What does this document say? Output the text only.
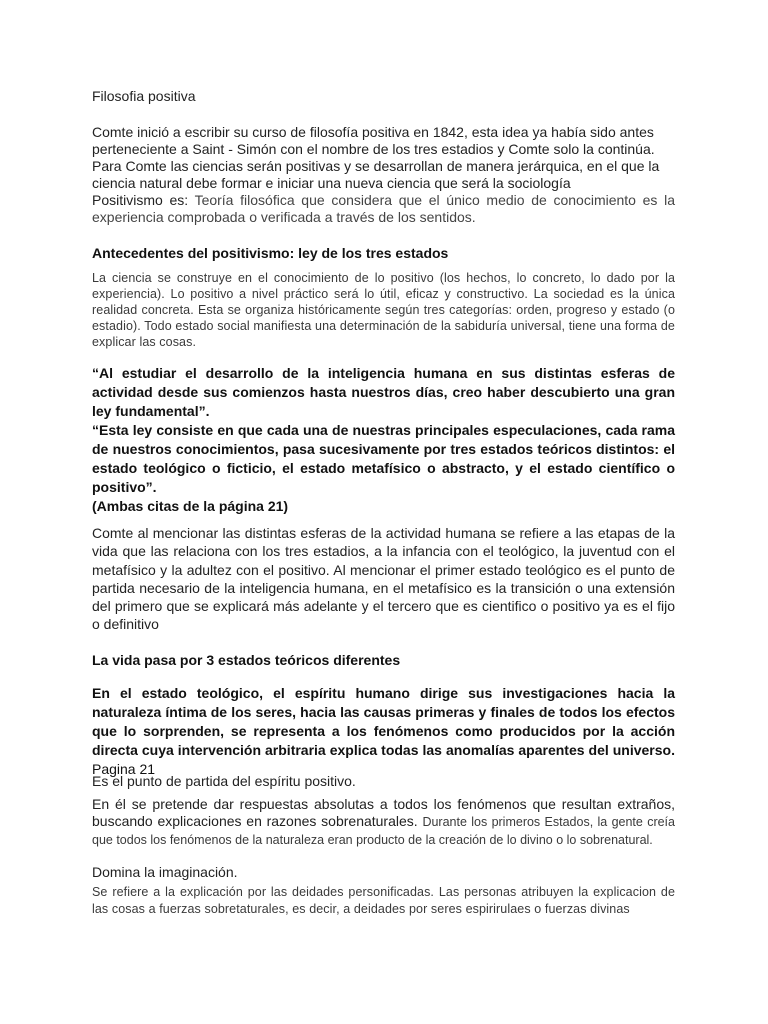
Filosofia positiva

Comte inició a escribir su curso de filosofía positiva en 1842, esta idea ya había sido antes perteneciente a Saint - Simón con el nombre de los tres estadios y Comte solo la continúa.
Para Comte las ciencias serán positivas y se desarrollan de manera jerárquica, en el que la ciencia natural debe formar e iniciar una nueva ciencia que será la sociología
Positivismo es: Teoría filosófica que considera que el único medio de conocimiento es la experiencia comprobada o verificada a través de los sentidos.

Antecedentes del positivismo: ley de los tres estados

La ciencia se construye en el conocimiento de lo positivo (los hechos, lo concreto, lo dado por la experiencia). Lo positivo a nivel práctico será lo útil, eficaz y constructivo. La sociedad es la única realidad concreta. Esta se organiza históricamente según tres categorías: orden, progreso y estado (o estadio). Todo estado social manifiesta una determinación de la sabiduría universal, tiene una forma de explicar las cosas.

“Al estudiar el desarrollo de la inteligencia humana en sus distintas esferas de actividad desde sus comienzos hasta nuestros días, creo haber descubierto una gran ley fundamental”.
“Esta ley consiste en que cada una de nuestras principales especulaciones, cada rama de nuestros conocimientos, pasa sucesivamente por tres estados teóricos distintos: el estado teológico o ficticio, el estado metafísico o abstracto, y el estado científico o positivo”.
(Ambas citas de la página 21)

Comte al mencionar las distintas esferas de la actividad humana se refiere a las etapas de la vida que las relaciona con los tres estadios, a la infancia con el teológico, la juventud con el metafísico y la adultez con el positivo. Al mencionar el primer estado teológico es el punto de partida necesario de la inteligencia humana, en el metafísico es la transición o una extensión del primero que se explicará más adelante y el tercero que es cientifico o positivo ya es el fijo o definitivo

La vida pasa por 3 estados teóricos diferentes

En el estado teológico, el espíritu humano dirige sus investigaciones hacia la naturaleza íntima de los seres, hacia las causas primeras y finales de todos los efectos que lo sorprenden, se representa a los fenómenos como producidos por la acción directa cuya intervención arbitraria explica todas las anomalías aparentes del universo. Pagina 21

Es el punto de partida del espíritu positivo.

En él se pretende dar respuestas absolutas a todos los fenómenos que resultan extraños, buscando explicaciones en razones sobrenaturales. Durante los primeros Estados, la gente creía que todos los fenómenos de la naturaleza eran producto de la creación de lo divino o lo sobrenatural.

Domina la imaginación.

Se refiere a la explicación por las deidades personificadas. Las personas atribuyen la explicacion de las cosas a fuerzas sobretaturales, es decir, a deidades por seres espirirulaes o fuerzas divinas
